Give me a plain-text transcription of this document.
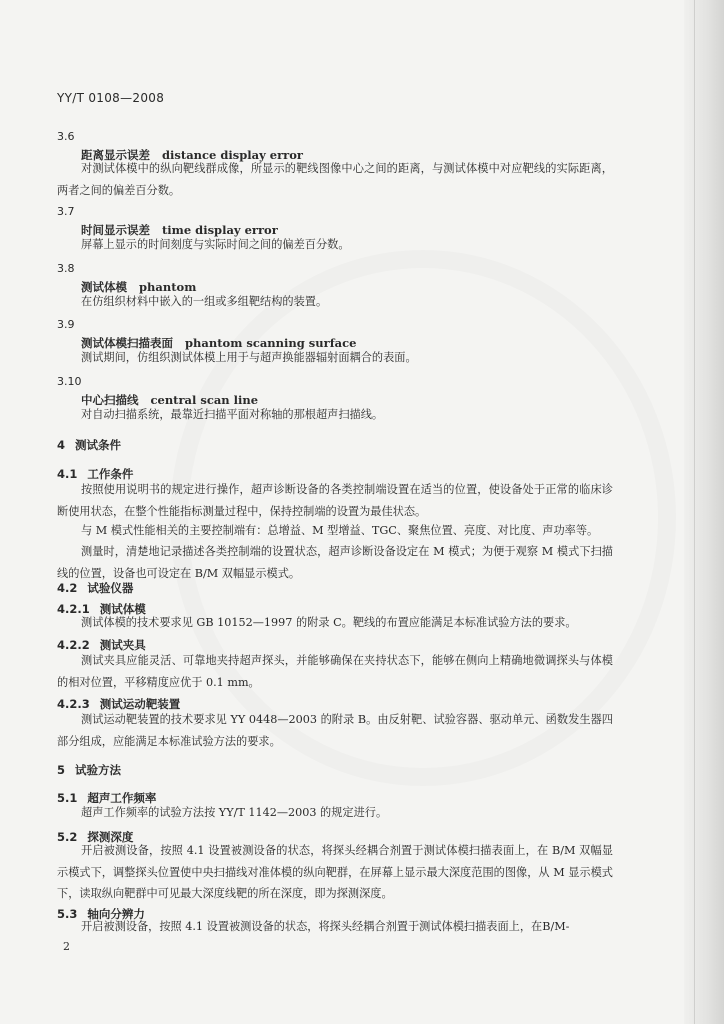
YY/T 0108—2008
3.6
距离显示误差 distance display error
对测试体模中的纵向靶线群成像，所显示的靶线图像中心之间的距离，与测试体模中对应靶线的实际距离，两者之间的偏差百分数。
3.7
时间显示误差 time display error
屏幕上显示的时间刻度与实际时间之间的偏差百分数。
3.8
测试体模 phantom
在仿组织材料中嵌入的一组或多组靶结构的装置。
3.9
测试体模扫描表面 phantom scanning surface
测试期间，仿组织测试体模上用于与超声换能器辐射面耦合的表面。
3.10
中心扫描线 central scan line
对自动扫描系统，最靠近扫描平面对称轴的那根超声扫描线。
4 测试条件
4.1 工作条件
按照使用说明书的规定进行操作，超声诊断设备的各类控制端设置在适当的位置，使设备处于正常的临床诊断使用状态，在整个性能指标测量过程中，保持控制端的设置为最佳状态。
与 M 模式性能相关的主要控制端有：总增益、M 型增益、TGC、聚焦位置、亮度、对比度、声功率等。
测量时，清楚地记录描述各类控制端的设置状态，超声诊断设备设定在 M 模式；为便于观察 M 模式下扫描线的位置，设备也可设定在 B/M 双幅显示模式。
4.2 试验仪器
4.2.1 测试体模
测试体模的技术要求见 GB 10152—1997 的附录 C。靶线的布置应能满足本标准试验方法的要求。
4.2.2 测试夹具
测试夹具应能灵活、可靠地夹持超声探头，并能够确保在夹持状态下，能够在侧向上精确地微调探头与体模的相对位置，平移精度应优于 0.1 mm。
4.2.3 测试运动靶装置
测试运动靶装置的技术要求见 YY 0448—2003 的附录 B。由反射靶、试验容器、驱动单元、函数发生器四部分组成，应能满足本标准试验方法的要求。
5 试验方法
5.1 超声工作频率
超声工作频率的试验方法按 YY/T 1142—2003 的规定进行。
5.2 探测深度
开启被测设备，按照 4.1 设置被测设备的状态，将探头经耦合剂置于测试体模扫描表面上，在 B/M 双幅显示模式下，调整探头位置使中央扫描线对准体模的纵向靶群，在屏幕上显示最大深度范围的图像，从 M 显示模式下，读取纵向靶群中可见最大深度线靶的所在深度，即为探测深度。
5.3 轴向分辨力
开启被测设备，按照 4.1 设置被测设备的状态，将探头经耦合剂置于测试体模扫描表面上，在B/M-
2
